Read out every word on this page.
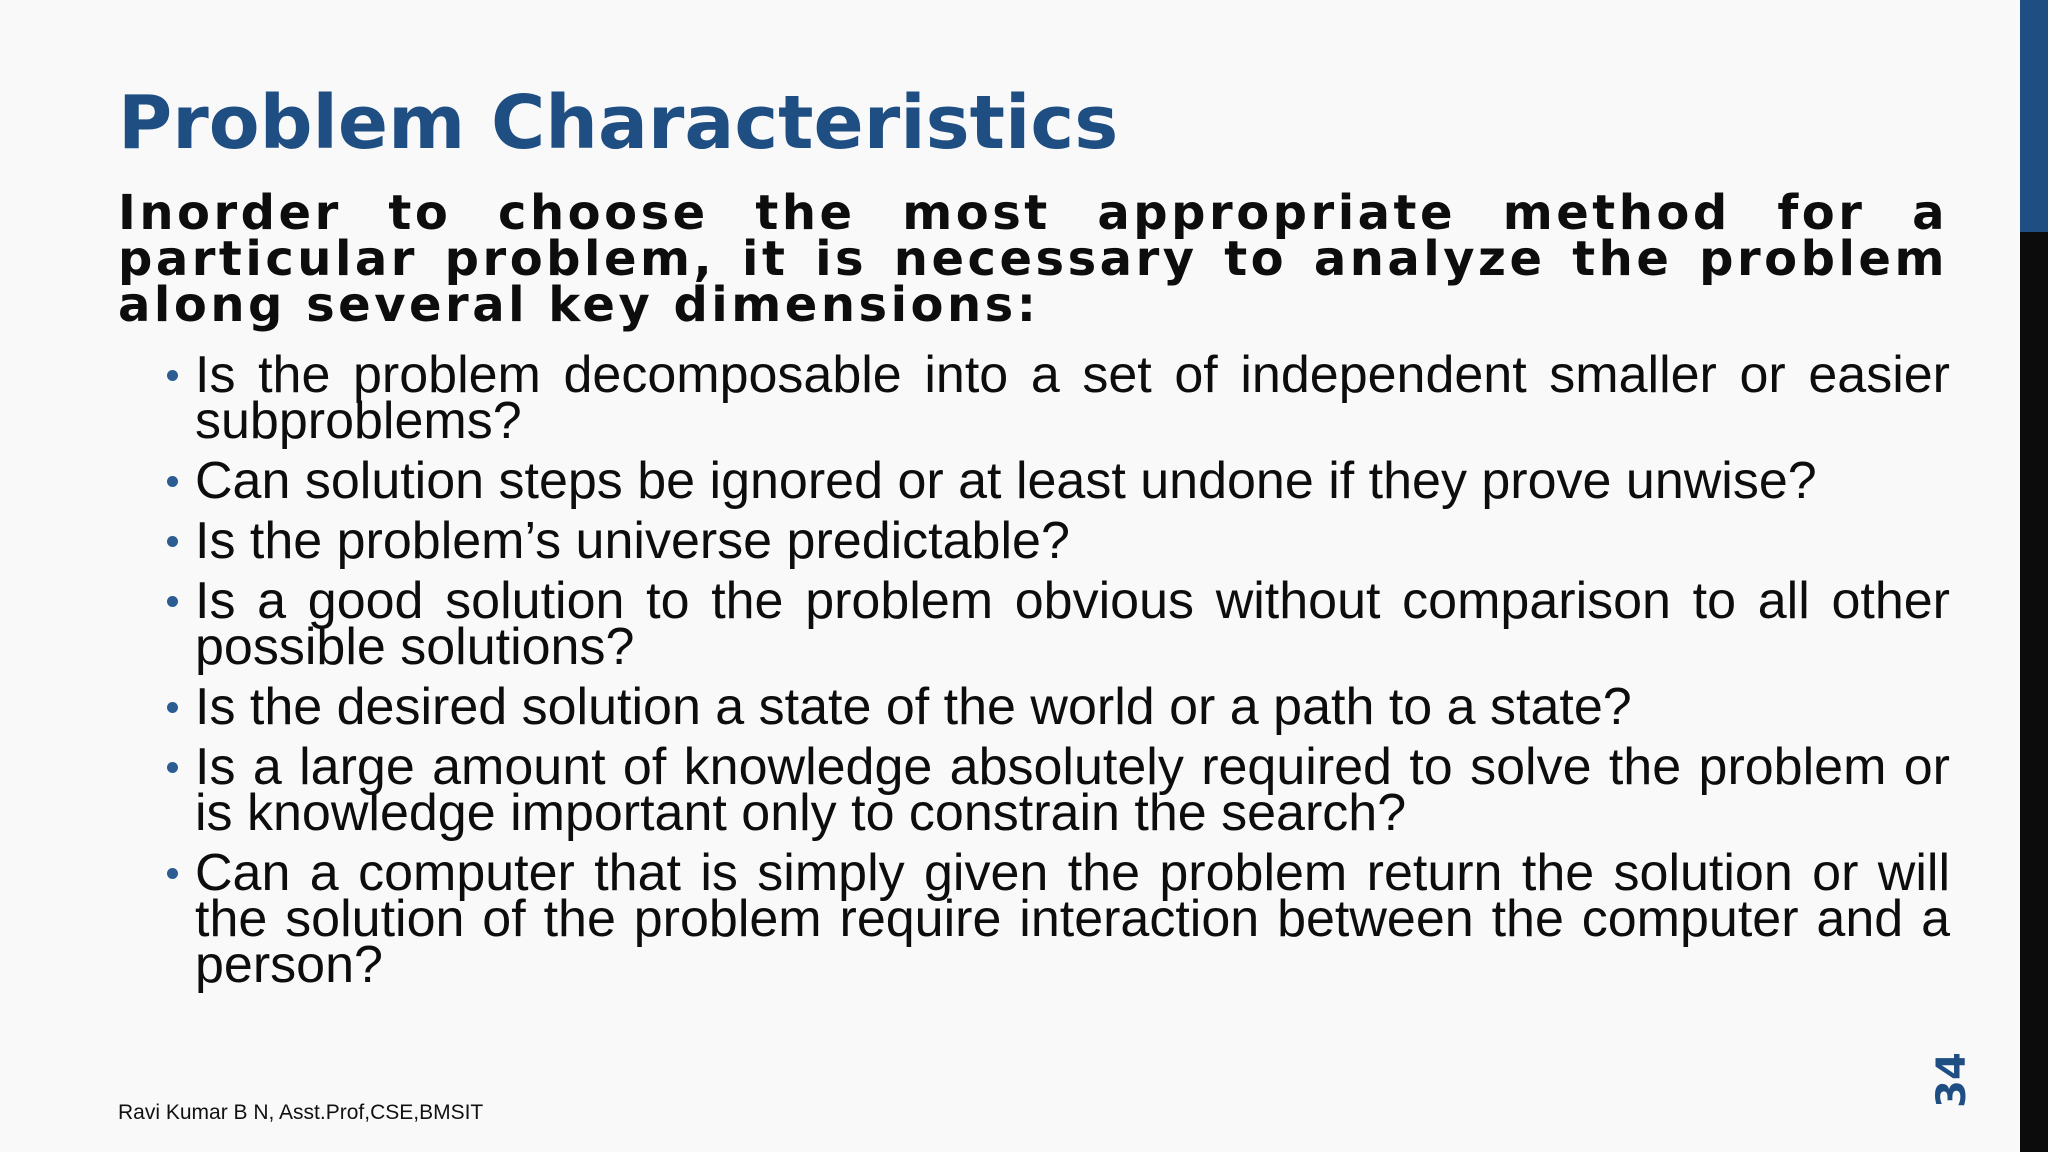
Problem Characteristics

Inorder to choose the most appropriate method for a particular problem, it is necessary to analyze the problem along several key dimensions:

Is the problem decomposable into a set of independent smaller or easier subproblems?
Can solution steps be ignored or at least undone if they prove unwise?
Is the problem’s universe predictable?
Is a good solution to the problem obvious without comparison to all other possible solutions?
Is the desired solution a state of the world or a path to a state?
Is a large amount of knowledge absolutely required to solve the problem or is knowledge important only to constrain the search?
Can a computer that is simply given the problem return the solution or will the solution of the problem require interaction between the computer and a person?
Ravi Kumar B N, Asst.Prof,CSE,BMSIT
34
